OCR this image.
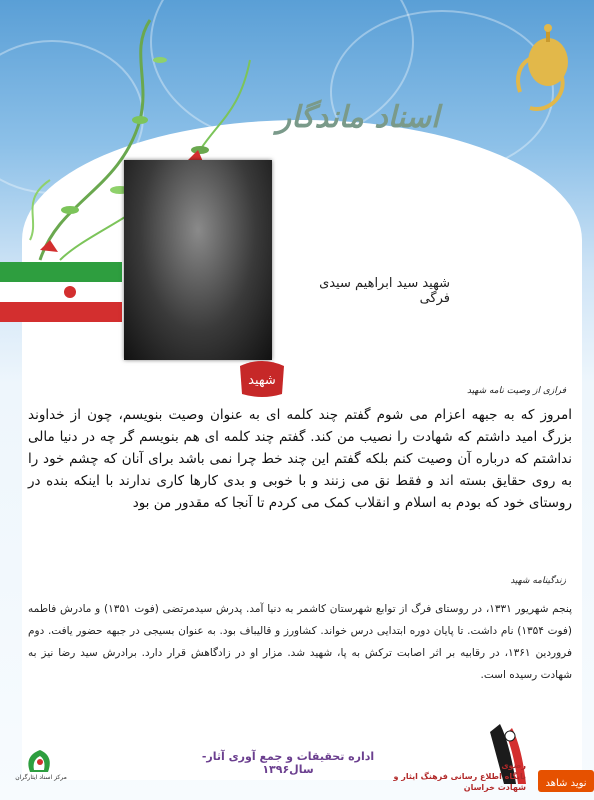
اسناد ماندگار
شهید سید ابراهیم سیدی فرگی
شهید
فرازی از وصیت نامه شهید
امروز که به جبهه اعزام می شوم گفتم چند کلمه ای به عنوان وصیت بنویسم، چون از خداوند بزرگ امید داشتم که شهادت را نصیب من کند. گفتم چند کلمه ای هم بنویسم گر چه در دنیا مالی نداشتم که درباره آن وصیت کنم بلکه گفتم این چند خط چرا نمی باشد برای آنان که چشم خود را به روی حقایق بسته اند و فقط نق می زنند و با خوبی و بدی کارها کاری ندارند با اینکه بنده در روستای خود که بودم به اسلام و انقلاب کمک می کردم تا آنجا که مقدور من بود
زندگینامه شهید
پنجم شهریور ۱۳۳۱، در روستای فرگ از توابع شهرستان کاشمر به دنیا آمد. پدرش سیدمرتضی (فوت ۱۳۵۱) و مادرش فاطمه (فوت ۱۳۵۴) نام داشت. تا پایان دوره ابتدایی درس خواند. کشاورز و قالیباف بود. به عنوان بسیجی در جبهه حضور یافت. دوم فروردین ۱۳۶۱، در رقابیه بر اثر اصابت ترکش به پا، شهید شد. مزار او در زادگاهش قرار دارد. برادرش سید رضا نیز به شهادت رسیده است.
مرکز اسناد ایثارگران
اداره تحقیقات و جمع آوری آثار- سال۱۳۹۶	رضوی
پایگاه اطلاع رسانی فرهنگ ایثار و شهادت خراسان نوید شاهد
